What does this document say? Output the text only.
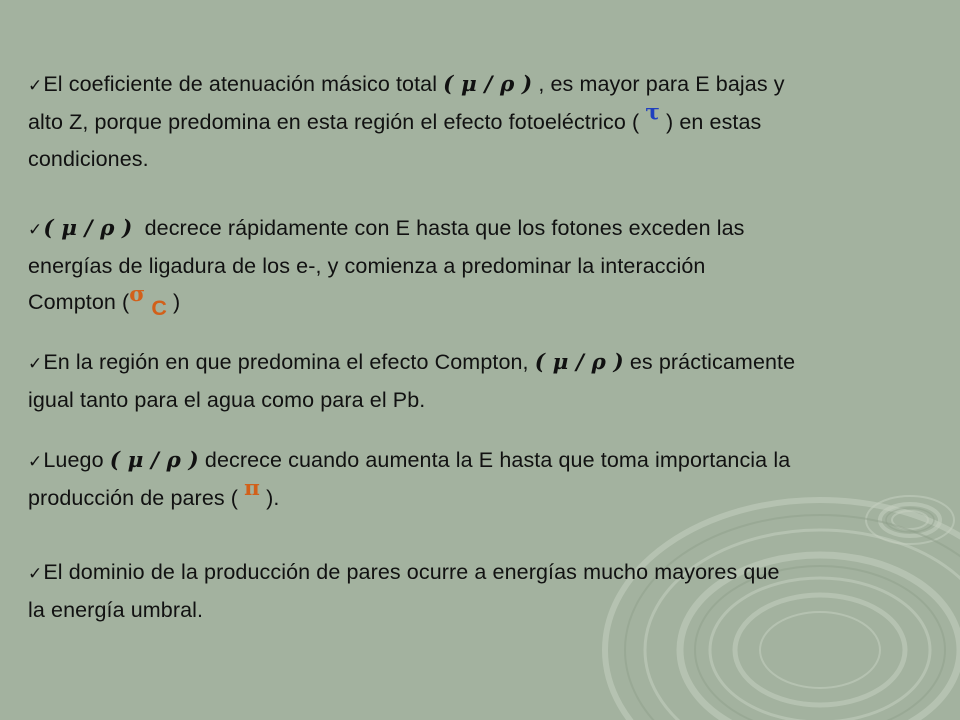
✓El coeficiente de atenuación másico total ( μ / ρ ) , es mayor para E bajas y
alto Z, porque predomina en esta región el efecto fotoeléctrico ( τ ) en estas
condiciones.
✓( μ / ρ ) decrece rápidamente con E hasta que los fotones exceden las
energías de ligadura de los e-, y comienza a predominar la interacción
Compton (σ C )
✓En la región en que predomina el efecto Compton, ( μ / ρ ) es prácticamente
igual tanto para el agua como para el Pb.
✓Luego ( μ / ρ ) decrece cuando aumenta la E hasta que toma importancia la
producción de pares ( π ).
✓El dominio de la producción de pares ocurre a energías mucho mayores que
la energía umbral.
